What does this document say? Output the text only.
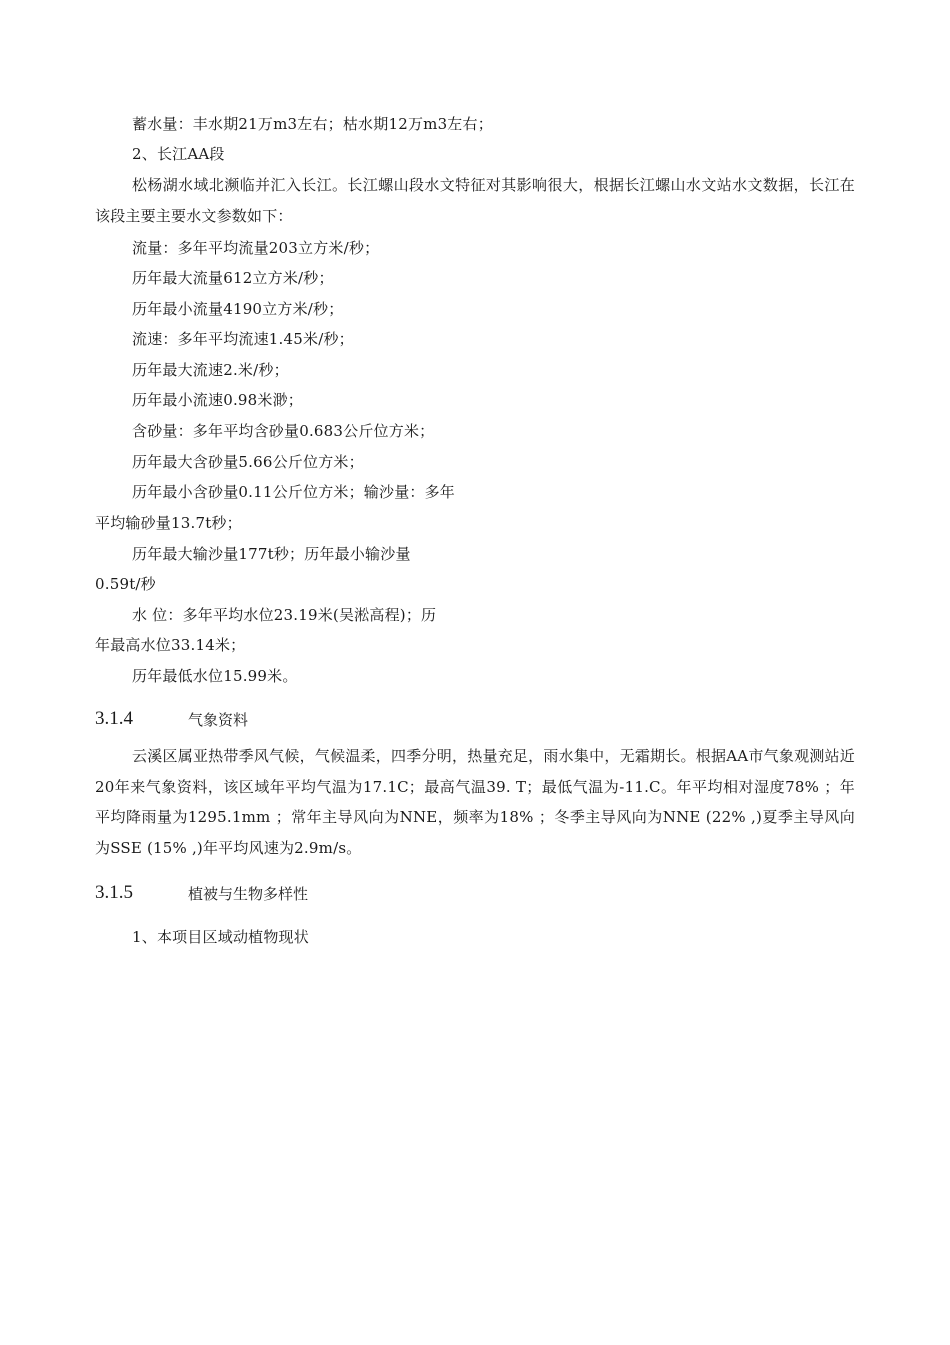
蓄水量：丰水期21万m3左右；枯水期12万m3左右；
2、长江AA段
松杨湖水域北濒临并汇入长江。长江螺山段水文特征对其影响很大，根据长江螺山水文站水文数据，长江在该段主要主要水文参数如下：
流量：多年平均流量203立方米/秒；
历年最大流量612立方米/秒；
历年最小流量4190立方米/秒；
流速：多年平均流速1.45米/秒；
历年最大流速2.米/秒；
历年最小流速0.98米渺；
含砂量：多年平均含砂量0.683公斤位方米；
历年最大含砂量5.66公斤位方米；
历年最小含砂量0.11公斤位方米；输沙量：多年
平均输砂量13.7t秒；
历年最大输沙量177t秒；历年最小输沙量
0.59t/秒
水 位：多年平均水位23.19米(吴淞高程)；历
年最高水位33.14米；
历年最低水位15.99米。
3.1.4	气象资料
云溪区属亚热带季风气候，气候温柔，四季分明，热量充足，雨水集中，无霜期长。根据AA市气象观测站近20年来气象资料，该区域年平均气温为17.1C；最高气温39. T；最低气温为-11.C。年平均相对湿度78% ；年平均降雨量为1295.1mm ；常年主导风向为NNE，频率为18% ；冬季主导风向为NNE (22% ,)夏季主导风向为SSE (15% ,)年平均风速为2.9m/s。
3.1.5	植被与生物多样性
1、本项目区域动植物现状
